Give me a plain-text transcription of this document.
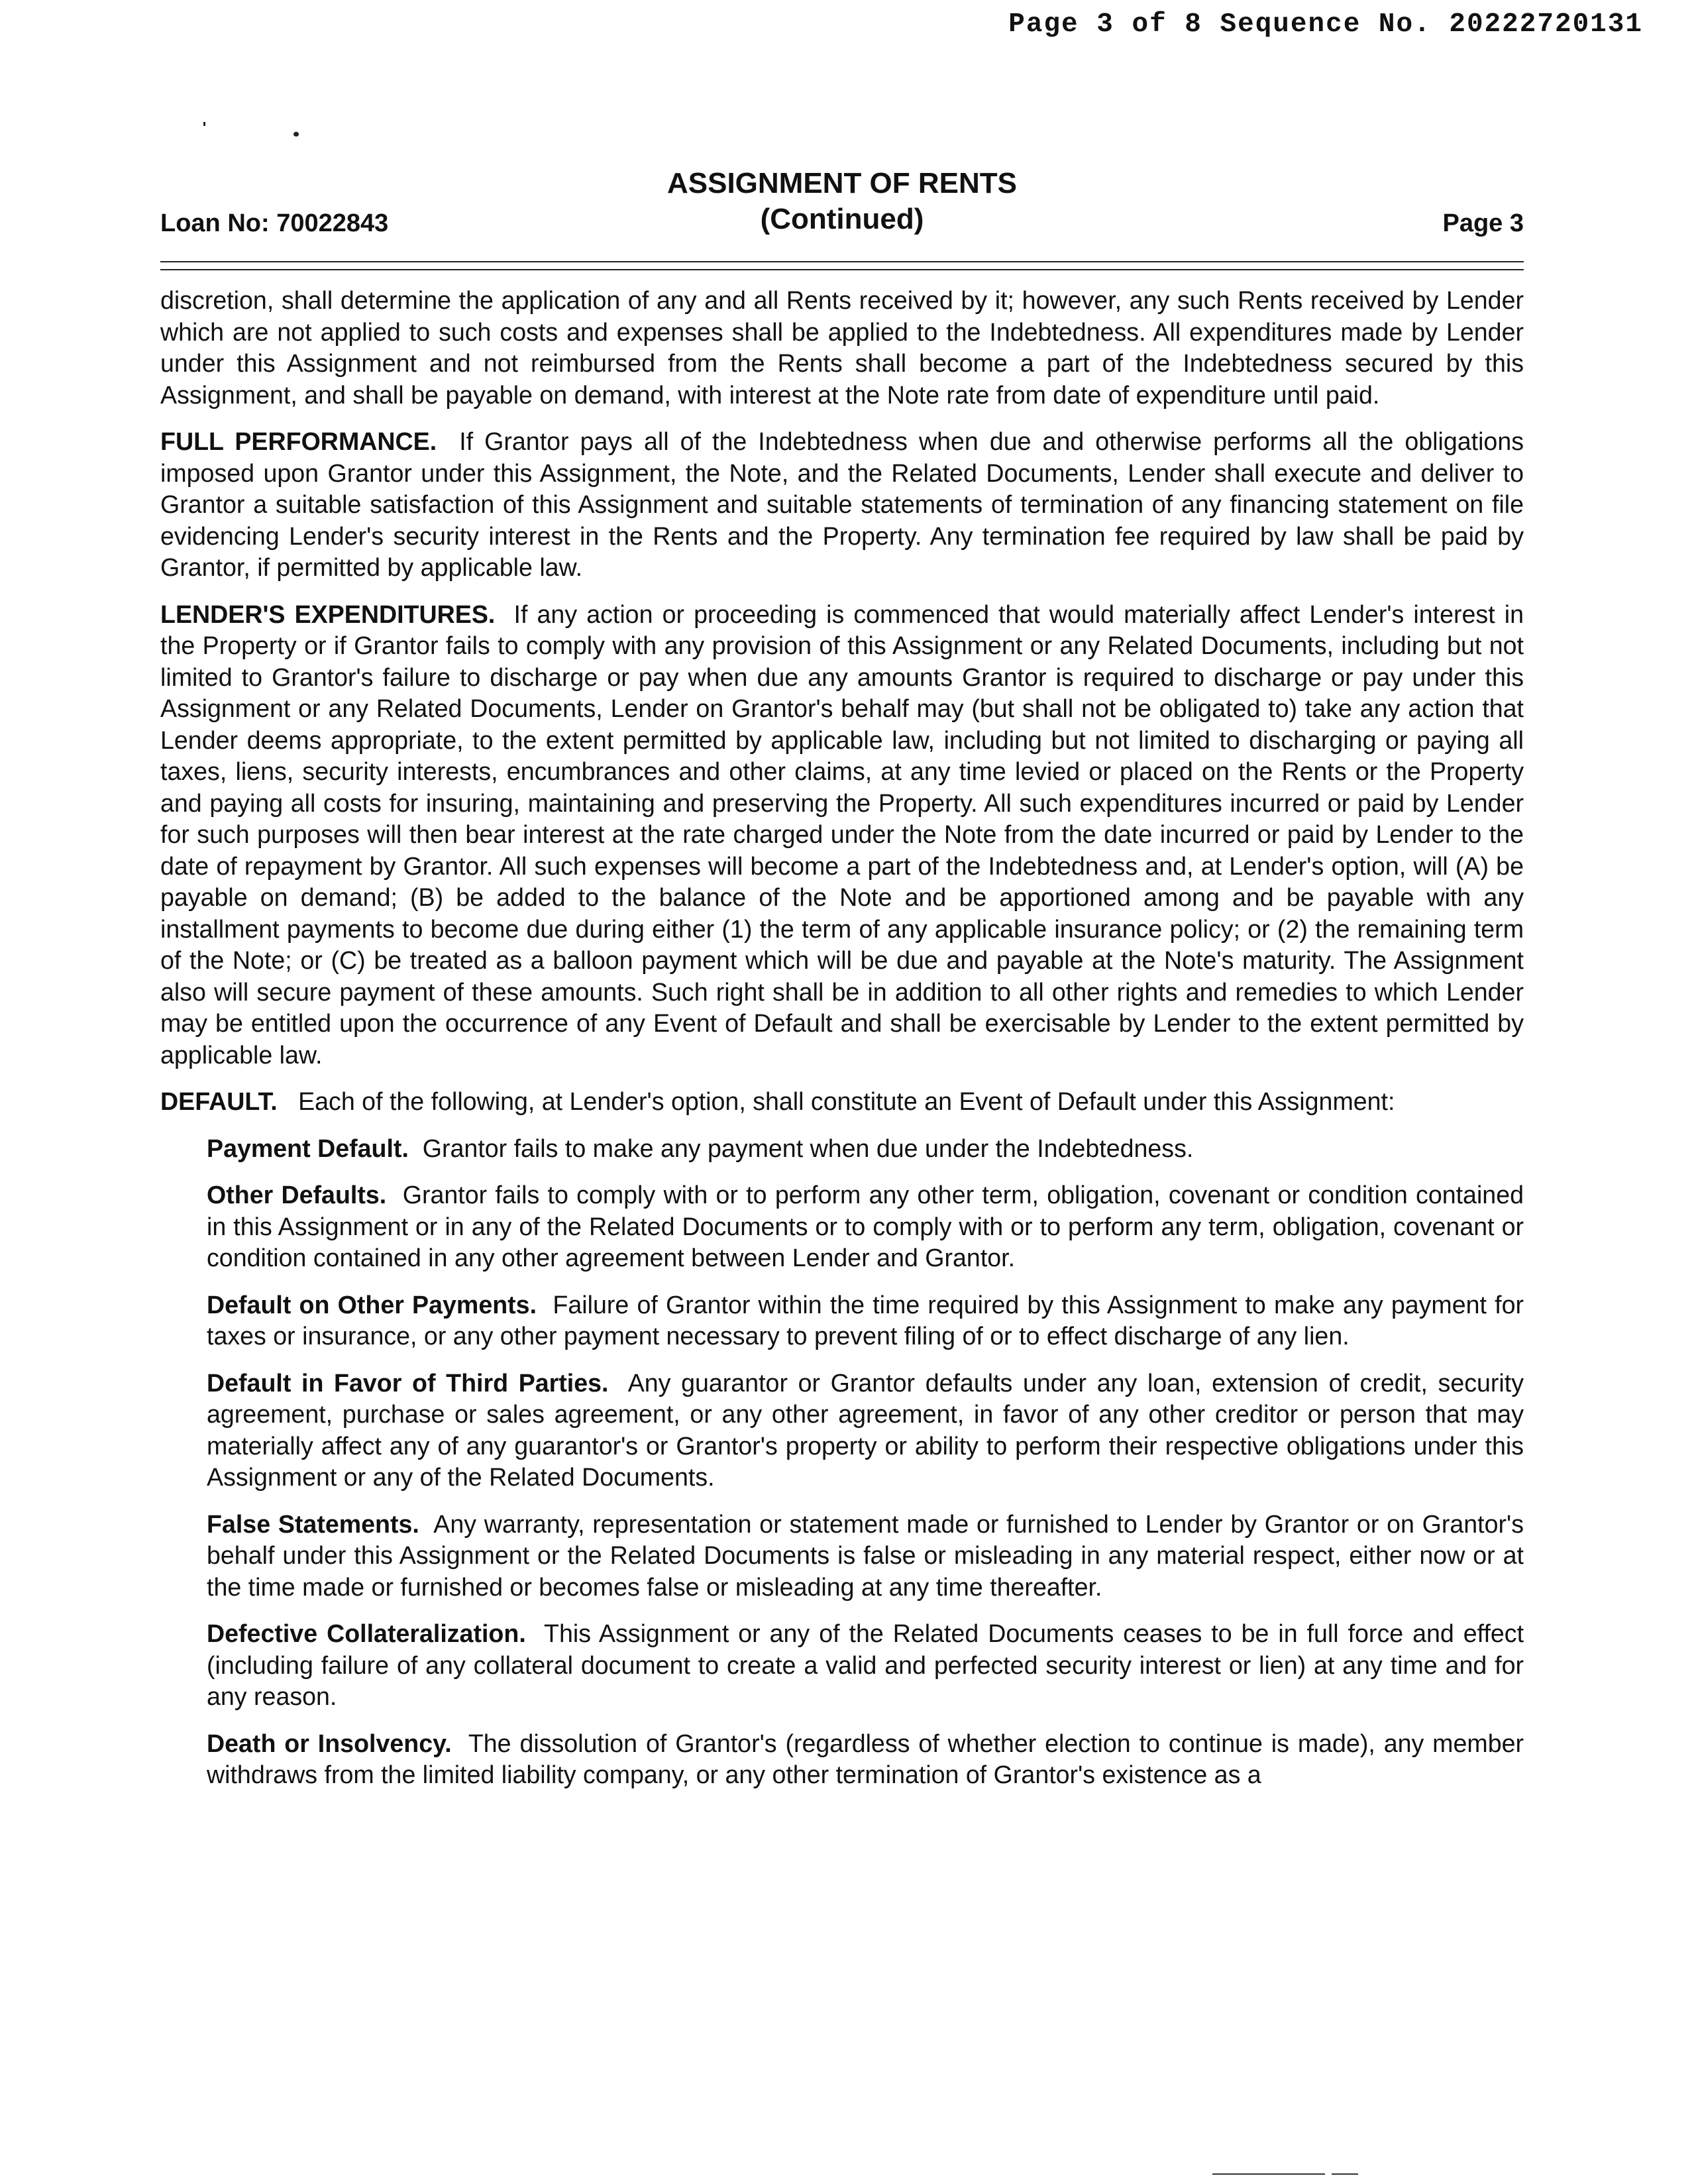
Page 3 of 8 Sequence No. 20222720131
ASSIGNMENT OF RENTS
(Continued)
Loan No: 70022843	Page 3

discretion, shall determine the application of any and all Rents received by it; however, any such Rents received by Lender which are not applied to such costs and expenses shall be applied to the Indebtedness. All expenditures made by Lender under this Assignment and not reimbursed from the Rents shall become a part of the Indebtedness secured by this Assignment, and shall be payable on demand, with interest at the Note rate from date of expenditure until paid.

FULL PERFORMANCE. If Grantor pays all of the Indebtedness when due and otherwise performs all the obligations imposed upon Grantor under this Assignment, the Note, and the Related Documents, Lender shall execute and deliver to Grantor a suitable satisfaction of this Assignment and suitable statements of termination of any financing statement on file evidencing Lender's security interest in the Rents and the Property. Any termination fee required by law shall be paid by Grantor, if permitted by applicable law.

LENDER'S EXPENDITURES. If any action or proceeding is commenced that would materially affect Lender's interest in the Property or if Grantor fails to comply with any provision of this Assignment or any Related Documents, including but not limited to Grantor's failure to discharge or pay when due any amounts Grantor is required to discharge or pay under this Assignment or any Related Documents, Lender on Grantor's behalf may (but shall not be obligated to) take any action that Lender deems appropriate, to the extent permitted by applicable law, including but not limited to discharging or paying all taxes, liens, security interests, encumbrances and other claims, at any time levied or placed on the Rents or the Property and paying all costs for insuring, maintaining and preserving the Property. All such expenditures incurred or paid by Lender for such purposes will then bear interest at the rate charged under the Note from the date incurred or paid by Lender to the date of repayment by Grantor. All such expenses will become a part of the Indebtedness and, at Lender's option, will (A) be payable on demand; (B) be added to the balance of the Note and be apportioned among and be payable with any installment payments to become due during either (1) the term of any applicable insurance policy; or (2) the remaining term of the Note; or (C) be treated as a balloon payment which will be due and payable at the Note's maturity. The Assignment also will secure payment of these amounts. Such right shall be in addition to all other rights and remedies to which Lender may be entitled upon the occurrence of any Event of Default and shall be exercisable by Lender to the extent permitted by applicable law.

DEFAULT. Each of the following, at Lender's option, shall constitute an Event of Default under this Assignment:

Payment Default. Grantor fails to make any payment when due under the Indebtedness.

Other Defaults. Grantor fails to comply with or to perform any other term, obligation, covenant or condition contained in this Assignment or in any of the Related Documents or to comply with or to perform any term, obligation, covenant or condition contained in any other agreement between Lender and Grantor.

Default on Other Payments. Failure of Grantor within the time required by this Assignment to make any payment for taxes or insurance, or any other payment necessary to prevent filing of or to effect discharge of any lien.

Default in Favor of Third Parties. Any guarantor or Grantor defaults under any loan, extension of credit, security agreement, purchase or sales agreement, or any other agreement, in favor of any other creditor or person that may materially affect any of any guarantor's or Grantor's property or ability to perform their respective obligations under this Assignment or any of the Related Documents.

False Statements. Any warranty, representation or statement made or furnished to Lender by Grantor or on Grantor's behalf under this Assignment or the Related Documents is false or misleading in any material respect, either now or at the time made or furnished or becomes false or misleading at any time thereafter.

Defective Collateralization. This Assignment or any of the Related Documents ceases to be in full force and effect (including failure of any collateral document to create a valid and perfected security interest or lien) at any time and for any reason.

Death or Insolvency. The dissolution of Grantor's (regardless of whether election to continue is made), any member withdraws from the limited liability company, or any other termination of Grantor's existence as a
